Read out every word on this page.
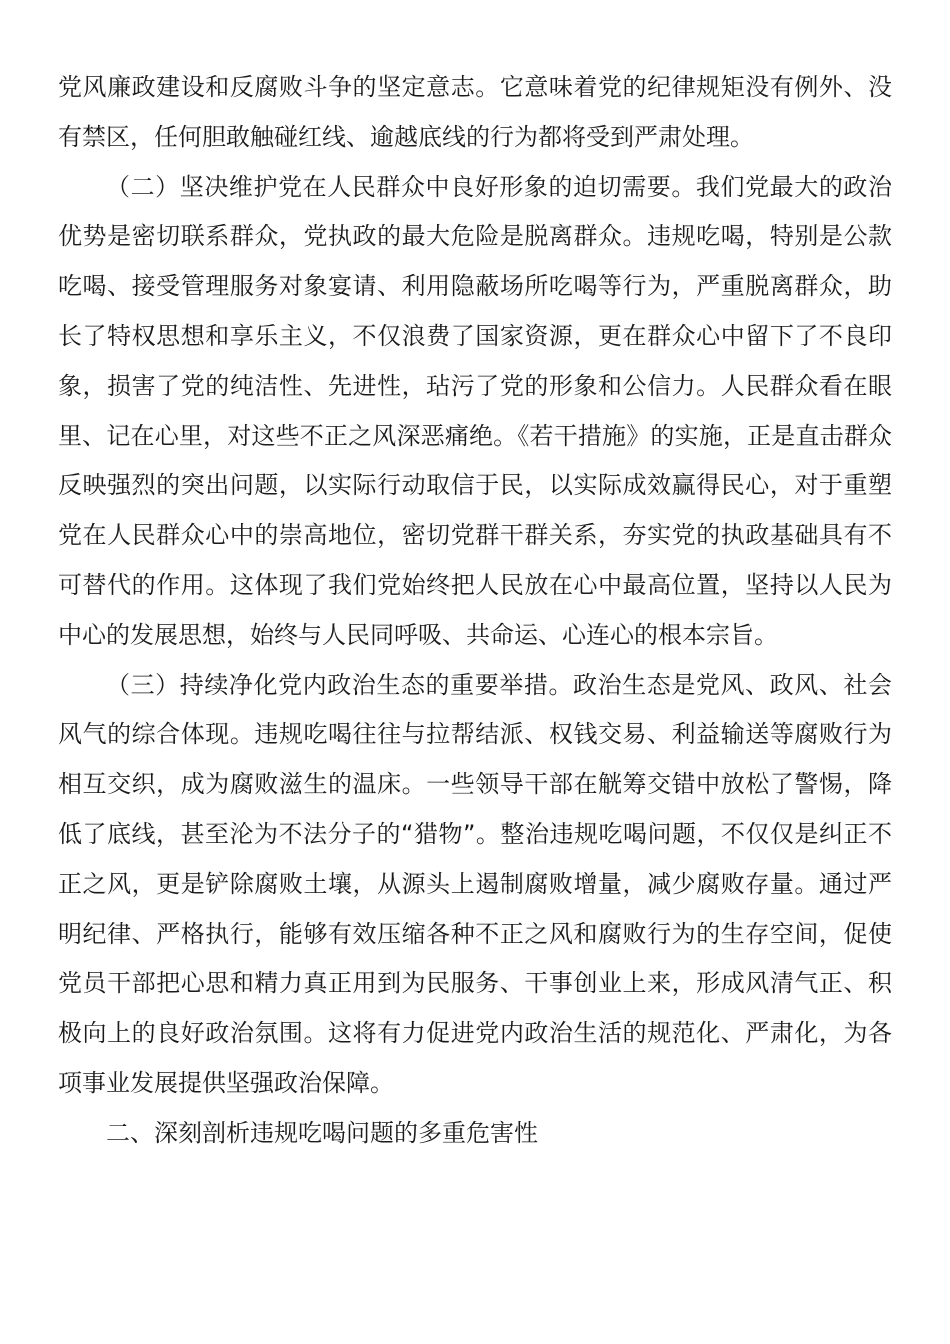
党风廉政建设和反腐败斗争的坚定意志。它意味着党的纪律规矩没有例外、没有禁区，任何胆敢触碰红线、逾越底线的行为都将受到严肃处理。

（二）坚决维护党在人民群众中良好形象的迫切需要。我们党最大的政治优势是密切联系群众，党执政的最大危险是脱离群众。违规吃喝，特别是公款吃喝、接受管理服务对象宴请、利用隐蔽场所吃喝等行为，严重脱离群众，助长了特权思想和享乐主义，不仅浪费了国家资源，更在群众心中留下了不良印象，损害了党的纯洁性、先进性，玷污了党的形象和公信力。人民群众看在眼里、记在心里，对这些不正之风深恶痛绝。《若干措施》的实施，正是直击群众反映强烈的突出问题，以实际行动取信于民，以实际成效赢得民心，对于重塑党在人民群众心中的崇高地位，密切党群干群关系，夯实党的执政基础具有不可替代的作用。这体现了我们党始终把人民放在心中最高位置，坚持以人民为中心的发展思想，始终与人民同呼吸、共命运、心连心的根本宗旨。

（三）持续净化党内政治生态的重要举措。政治生态是党风、政风、社会风气的综合体现。违规吃喝往往与拉帮结派、权钱交易、利益输送等腐败行为相互交织，成为腐败滋生的温床。一些领导干部在觥筹交错中放松了警惕，降低了底线，甚至沦为不法分子的“猎物”。整治违规吃喝问题，不仅仅是纠正不正之风，更是铲除腐败土壤，从源头上遏制腐败增量，减少腐败存量。通过严明纪律、严格执行，能够有效压缩各种不正之风和腐败行为的生存空间，促使党员干部把心思和精力真正用到为民服务、干事创业上来，形成风清气正、积极向上的良好政治氛围。这将有力促进党内政治生活的规范化、严肃化，为各项事业发展提供坚强政治保障。

二、深刻剖析违规吃喝问题的多重危害性
